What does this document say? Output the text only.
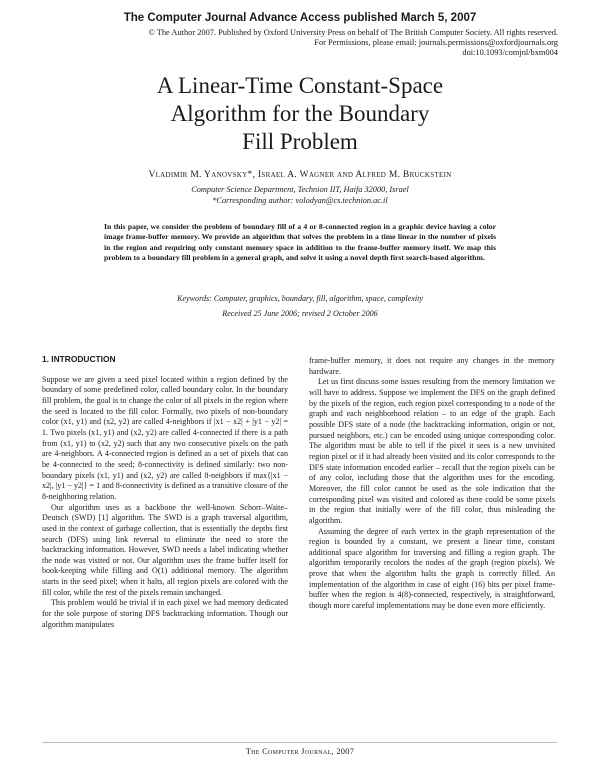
The Computer Journal Advance Access published March 5, 2007
© The Author 2007. Published by Oxford University Press on behalf of The British Computer Society. All rights reserved.
For Permissions, please email: journals.permissions@oxfordjournals.org
doi:10.1093/comjnl/bxm004
A Linear-Time Constant-Space
Algorithm for the Boundary
Fill Problem
Vladimir M. Yanovsky*, Israel A. Wagner and Alfred M. Bruckstein
Computer Science Department, Technion IIT, Haifa 32000, Israel
*Corresponding author: volodyan@cs.technion.ac.il
In this paper, we consider the problem of boundary fill of a 4 or 8-connected region in a graphic device having a color image frame-buffer memory. We provide an algorithm that solves the problem in a time linear in the number of pixels in the region and requiring only constant memory space in addition to the frame-buffer memory itself. We map this problem to a boundary fill problem in a general graph, and solve it using a novel depth first search-based algorithm.
Keywords: Computer, graphics, boundary, fill, algorithm, space, complexity
Received 25 June 2006; revised 2 October 2006
1. INTRODUCTION

Suppose we are given a seed pixel located within a region defined by the boundary of some predefined color, called boundary color. In the boundary fill problem, the goal is to change the color of all pixels in the region where the seed is located to the fill color. Formally, two pixels of non-boundary color (x1, y1) and (x2, y2) are called 4-neighbors if |x1 − x2| + |y1 − y2| = 1. Two pixels (x1, y1) and (x2, y2) are called 4-connected if there is a path from (x1, y1) to (x2, y2) such that any two consecutive pixels on the path are 4-neighbors. A 4-connected region is defined as a set of pixels that can be 4-connected to the seed; 8-connectivity is defined similarly: two non-boundary pixels (x1, y1) and (x2, y2) are called 8-neighbors if max{|x1 − x2|, |y1 − y2|} = 1 and 8-connectivity is defined as a transitive closure of the 8-neighboring relation.

Our algorithm uses as a backbone the well-known Schorr–Waite–Deutsch (SWD) [1] algorithm. The SWD is a graph traversal algorithm, used in the context of garbage collection, that is essentially the depths first search (DFS) using link reversal to eliminate the need to store the backtracking information. However, SWD needs a label indicating whether the node was visited or not. Our algorithm uses the frame buffer itself for book-keeping while filling and O(1) additional memory. The algorithm starts in the seed pixel; when it halts, all region pixels are colored with the fill color, while the rest of the pixels remain unchanged.

This problem would be trivial if in each pixel we had memory dedicated for the sole purpose of storing DFS backtracking information. Though our algorithm manipulates

frame-buffer memory, it does not require any changes in the memory hardware.

Let us first discuss some issues resulting from the memory limitation we will have to address. Suppose we implement the DFS on the graph defined by the pixels of the region, each region pixel corresponding to a node of the graph and each neighborhood relation – to an edge of the graph. Each possible DFS state of a node (the backtracking information, origin or not, pursued neighbors, etc.) can be encoded using unique corresponding color. The algorithm must be able to tell if the pixel it sees is a new unvisited region pixel or if it had already been visited and its color corresponds to the DFS state information encoded earlier – recall that the region pixels can be of any color, including those that the algorithm uses for the encoding. Moreover, the fill color cannot be used as the sole indication that the corresponding pixel was visited and colored as there could be some pixels in the region that initially were of the fill color, thus misleading the algorithm.

Assuming the degree of each vertex in the graph representation of the region is bounded by a constant, we present a linear time, constant additional space algorithm for traversing and filling a region graph. The algorithm temporarily recolors the nodes of the graph (region pixels). We prove that when the algorithm halts the graph is correctly filled. An implementation of the algorithm in case of eight (16) bits per pixel frame-buffer when the region is 4(8)-connected, respectively, is straightforward, though more careful implementations may be done even more efficiently.

The Computer Journal, 2007
